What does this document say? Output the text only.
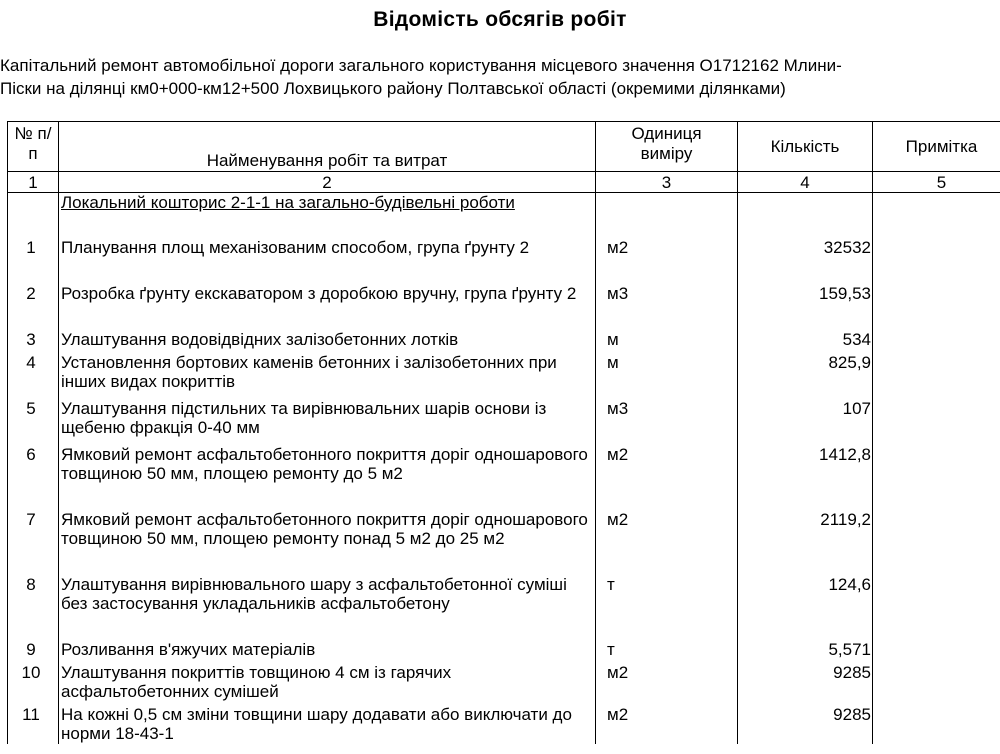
Відомість обсягів робіт
Капітальний ремонт автомобільної дороги загального користування місцевого значення О1712162 Млини-
Піски на ділянці км0+000-км12+500 Лохвицького району Полтавської області (окремими ділянками)
№ п/п	Найменування робіт та витрат	Одиниця виміру	Кількість	Примітка
1	2	3	4	5
	Локальний кошторис 2-1-1 на загально-будівельні роботи			
1	Планування площ механізованим способом, група ґрунту 2	м2	32532	
2	Розробка ґрунту екскаватором з доробкою вручну, група ґрунту 2	м3	159,53	
3	Улаштування водовідвідних залізобетонних лотків	м	534	
4	Установлення бортових каменів бетонних і залізобетонних при інших видах покриттів	м	825,9	
5	Улаштування підстильних та вирівнювальних шарів основи із щебеню фракція 0-40 мм	м3	107	
6	Ямковий ремонт асфальтобетонного покриття доріг одношарового товщиною 50 мм, площею ремонту до 5 м2	м2	1412,8	
7	Ямковий ремонт асфальтобетонного покриття доріг одношарового товщиною 50 мм, площею ремонту понад 5 м2 до 25 м2	м2	2119,2	
8	Улаштування вирівнювального шару з асфальтобетонної суміші без застосування укладальників асфальтобетону	т	124,6	
9	Розливання в'яжучих матеріалів	т	5,571	
10	Улаштування покриттів товщиною 4 см із гарячих асфальтобетонних сумішей	м2	9285	
11	На кожні 0,5 см зміни товщини шару додавати або виключати до норми 18-43-1	м2	9285	
